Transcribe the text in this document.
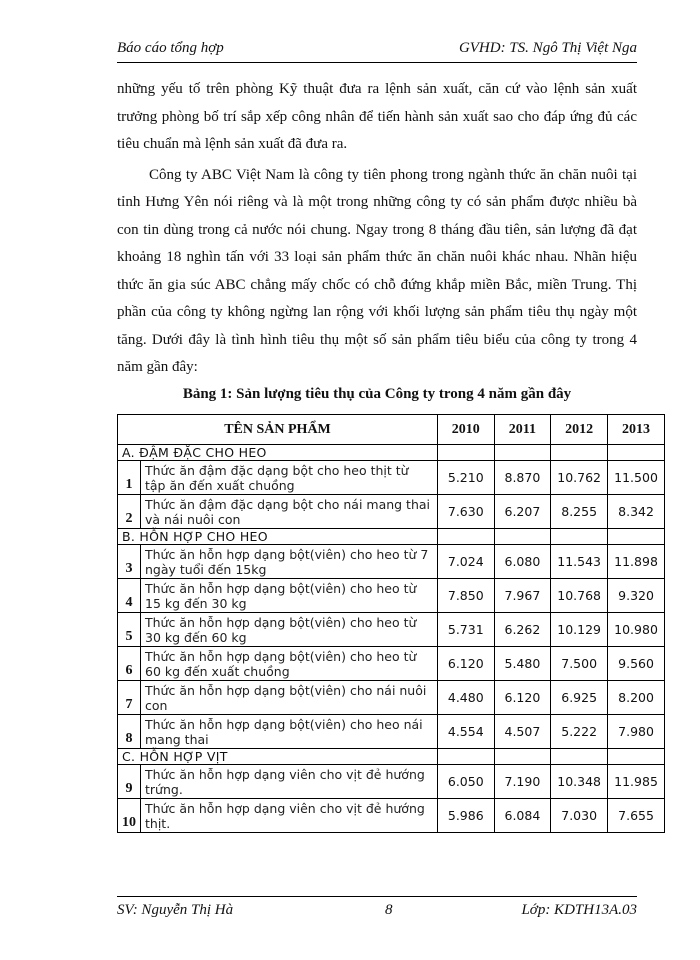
Báo cáo tổng hợp	GVHD: TS. Ngô Thị Việt Nga

những yếu tố trên phòng Kỹ thuật đưa ra lệnh sản xuất, căn cứ vào lệnh sản xuất trưởng phòng bố trí sắp xếp công nhân để tiến hành sản xuất sao cho đáp ứng đủ các tiêu chuẩn mà lệnh sản xuất đã đưa ra.

Công ty ABC Việt Nam là công ty tiên phong trong ngành thức ăn chăn nuôi tại tỉnh Hưng Yên nói riêng và là một trong những công ty có sản phẩm được nhiều bà con tin dùng trong cả nước nói chung. Ngay trong 8 tháng đầu tiên, sản lượng đã đạt khoảng 18 nghìn tấn với 33 loại sản phẩm thức ăn chăn nuôi khác nhau. Nhãn hiệu thức ăn gia súc ABC chẳng mấy chốc có chỗ đứng khắp miền Bắc, miền Trung. Thị phần của công ty không ngừng lan rộng với khối lượng sản phẩm tiêu thụ ngày một tăng. Dưới đây là tình hình tiêu thụ một số sản phẩm tiêu biểu của công ty trong 4 năm gần đây:

Bảng 1: Sản lượng tiêu thụ của Công ty trong 4 năm gần đây
TÊN SẢN PHẨM		2010	2011	2012	2013
A. ĐẬM ĐẶC CHO HEO					
1	Thức ăn đậm đặc dạng bột cho heo thịt từ tập ăn đến xuất chuồng	5.210	8.870	10.762	11.500
2	Thức ăn đậm đặc dạng bột cho nái mang thai và nái nuôi con	7.630	6.207	8.255	8.342
B. HỖN HỢP CHO HEO					
3	Thức ăn hỗn hợp dạng bột(viên) cho heo từ 7 ngày tuổi đến 15kg	7.024	6.080	11.543	11.898
4	Thức ăn hỗn hợp dạng bột(viên) cho heo từ 15 kg đến 30 kg	7.850	7.967	10.768	9.320
5	Thức ăn hỗn hợp dạng bột(viên) cho heo từ 30 kg đến 60 kg	5.731	6.262	10.129	10.980
6	Thức ăn hỗn hợp dạng bột(viên) cho heo từ 60 kg đến xuất chuồng	6.120	5.480	7.500	9.560
7	Thức ăn hỗn hợp dạng bột(viên) cho nái nuôi con	4.480	6.120	6.925	8.200
8	Thức ăn hỗn hợp dạng bột(viên) cho heo nái mang thai	4.554	4.507	5.222	7.980
C. HỖN HỢP VỊT					
9	Thức ăn hỗn hợp dạng viên cho vịt đẻ hướng trứng.	6.050	7.190	10.348	11.985
10	Thức ăn hỗn hợp dạng viên cho vịt đẻ hướng thịt.	5.986	6.084	7.030	7.655
SV: Nguyễn Thị Hà	8	Lớp: KDTH13A.03
